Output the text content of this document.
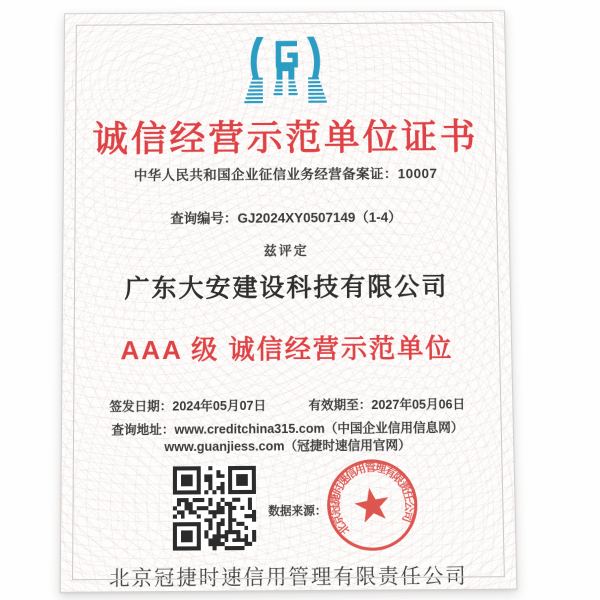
诚信经营示范单位证书
中华人民共和国企业征信业务经营备案证：10007
查询编号：GJ2024XY0507149（1-4）
兹评定
广东大安建设科技有限公司
AAA 级 诚信经营示范单位
签发日期：2024年05月07日	有效期至：2027年05月06日
查询地址：www.creditchina315.com（中国企业信用信息网）
www.guanjiess.com（冠捷时速信用官网）
数据来源：
北京冠捷时速信用管理有限责任公司
北京冠捷时速信用管理有限责任公司
